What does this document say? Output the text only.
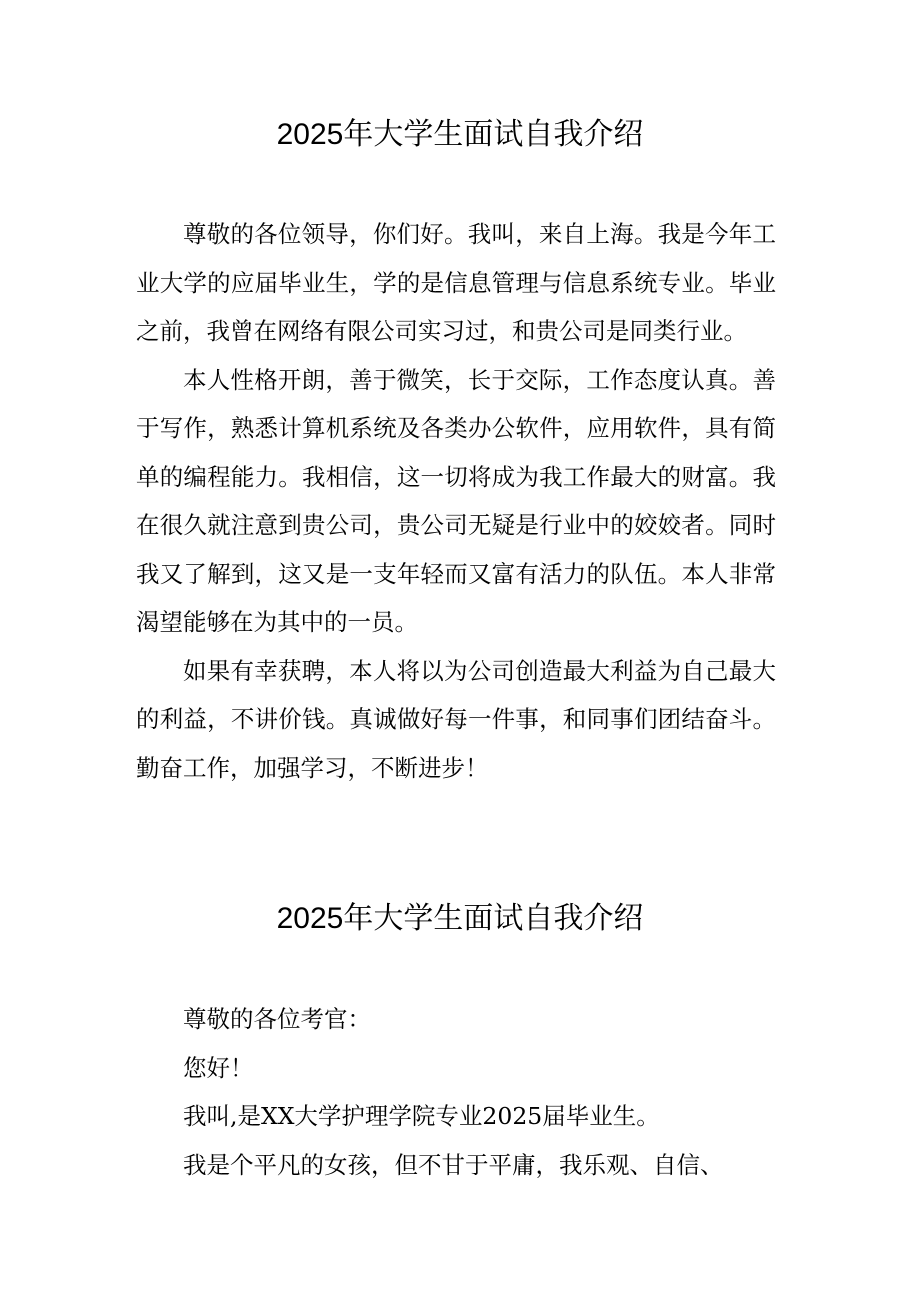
2025年大学生面试自我介绍

尊敬的各位领导，你们好。我叫，来自上海。我是今年工业大学的应届毕业生，学的是信息管理与信息系统专业。毕业之前，我曾在网络有限公司实习过，和贵公司是同类行业。

本人性格开朗，善于微笑，长于交际，工作态度认真。善于写作，熟悉计算机系统及各类办公软件，应用软件，具有简单的编程能力。我相信，这一切将成为我工作最大的财富。我在很久就注意到贵公司，贵公司无疑是行业中的姣姣者。同时我又了解到，这又是一支年轻而又富有活力的队伍。本人非常渴望能够在为其中的一员。

如果有幸获聘，本人将以为公司创造最大利益为自己最大的利益，不讲价钱。真诚做好每一件事，和同事们团结奋斗。勤奋工作，加强学习，不断进步！

2025年大学生面试自我介绍

尊敬的各位考官：

您好！

我叫,是XX大学护理学院专业2025届毕业生。

我是个平凡的女孩，但不甘于平庸，我乐观、自信、
